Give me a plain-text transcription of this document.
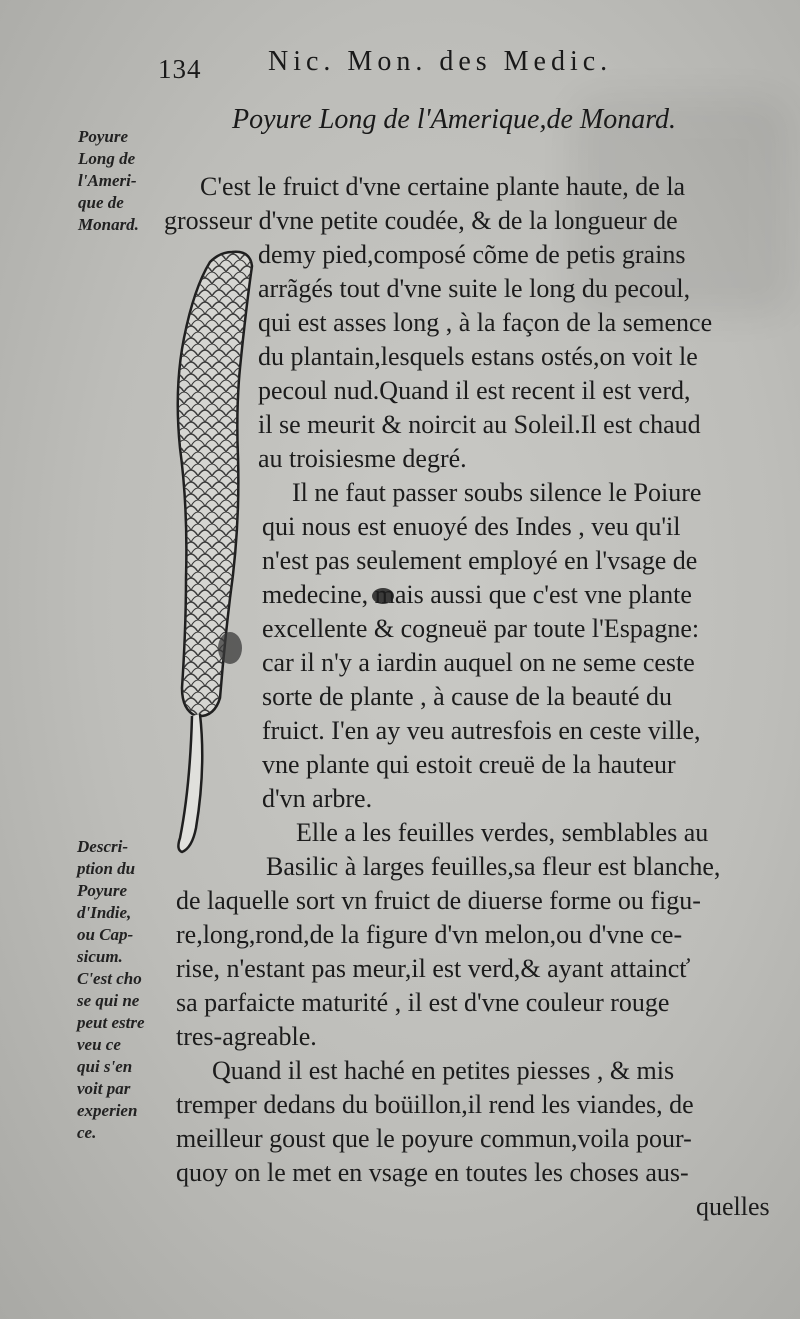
134 Nic. Mon. des Medic.
Poyure Long de l'Amerique,de Monard.
Poyure
Long de
l'Ameri-
que de
Monard.
Descri-
ption du
Poyure
d'Indie,
ou Cap-
sicum.
C'est cho
se qui ne
peut estre
veu ce
qui s'en
voit par
experien
ce.
C'est le fruict d'vne certaine plante haute, de la
grosseur d'vne petite coudée, & de la longueur de
demy pied,composé cõme de petis grains
arrãgés tout d'vne suite le long du pecoul,
qui est asses long , à la façon de la semence
du plantain,lesquels estans ostés,on voit le
pecoul nud.Quand il est recent il est verd,
il se meurit & noircit au Soleil.Il est chaud
au troisiesme degré.
Il ne faut passer soubs silence le Poiure
qui nous est enuoyé des Indes , veu qu'il
n'est pas seulement employé en l'vsage de
medecine, mais aussi que c'est vne plante
excellente & cogneuë par toute l'Espagne:
car il n'y a iardin auquel on ne seme ceste
sorte de plante , à cause de la beauté du
fruict. I'en ay veu autresfois en ceste ville,
vne plante qui estoit creuë de la hauteur
d'vn arbre.
Elle a les feuilles verdes, semblables au
Basilic à larges feuilles,sa fleur est blanche,
de laquelle sort vn fruict de diuerse forme ou figu-
re,long,rond,de la figure d'vn melon,ou d'vne ce-
rise, n'estant pas meur,il est verd,& ayant attaincť
sa parfaicte maturité , il est d'vne couleur rouge
tres-agreable.
Quand il est haché en petites piesses , & mis
tremper dedans du boüillon,il rend les viandes, de
meilleur goust que le poyure commun,voila pour-
quoy on le met en vsage en toutes les choses aus-
quelles
